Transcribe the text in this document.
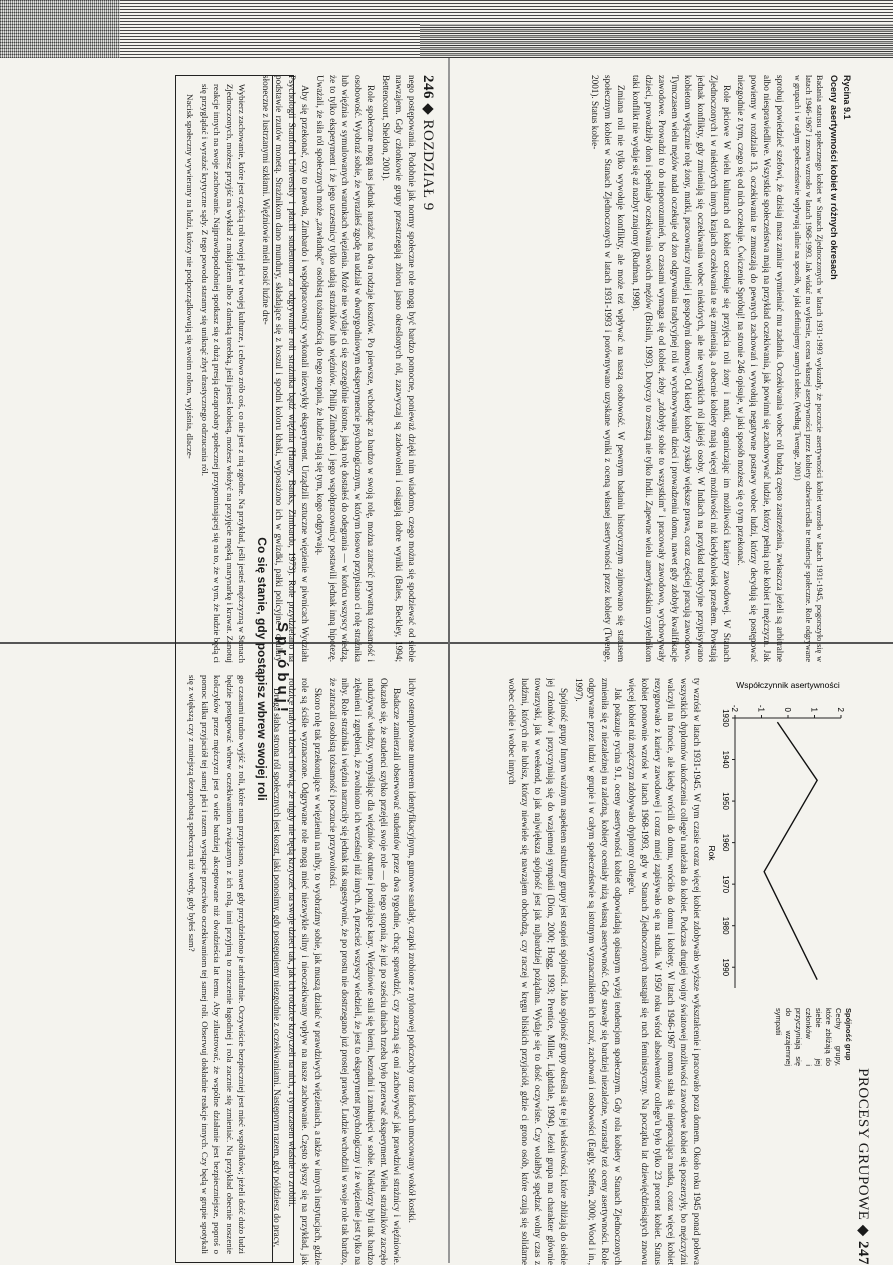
246 ◆ ROZDZIAŁ 9

nego postępowania. Podobnie jak normy społeczne role mogą być bardzo pomocne, ponieważ dzięki nim wiadomo, czego można się spodziewać od siebie nawzajem. Gdy członkowie grupy przestrzegają zbioru jasno określonych ról, zazwyczaj są zadowoleni i osiągają dobre wyniki (Bales, Beckley, 1994; Bettencourt, Sheldon, 2001).

Role społeczne mogą nas jednak narażać na dwa rodzaje kosztów. Po pierwsze, wchodząc za bardzo w swoją rolę, można zatracić prywatną tożsamość i osobowość. Wyobraź sobie, że wyraziłeś zgodę na udział w dwutygodniowym eksperymencie psychologicznym, w którym losowo przypisano ci rolę strażnika lub więźnia w symulowanych warunkach więzienia. Może nie wydaje ci się szczególnie istotne, jaką rolę dostałeś do odegrania — w końcu wszyscy wiedzą, że to tylko eksperyment i że jego uczestnicy tylko udają strażników lub więźniów. Philip Zimbardo i jego współpracownicy postawili jednak inną hipotezę. Uważali, że siła ról społecznych może „zawładnąć” osobistą tożsamością do tego stopnia, że ludzie stają się tym, kogo odgrywają.

Aby się przekonać, czy to prawda, Zimbardo i współpracownicy wykonali niezwykły eksperyment. Urządzili sztuczne więzienie w piwnicach Wydziału Psychologii Stanford University i płacili studentom za odgrywanie roli strażnika bądź więźnia (Haney, Banks, Zimbardo, 1973). Role przydzielano na podstawie rzutów monetą. Strażnikom dano mundury, składające się z koszul i spodni koloru khaki, wyposażono ich w gwizdki, pałki policyjne i okulary słoneczne z lustrzanymi szkłami. Więźniowie mieli nosić luźne dre-

lichy ostemplowane numerem identyfikacyjnym, gumowe sandały, czapki zrobione z nylonowej pończochy oraz łańcuch umocowany wokół kostki.

Badacze zamierzali obserwować studentów przez dwa tygodnie, chcąc sprawdzić, czy zaczną się oni zachowywać jak prawdziwi strażnicy i więźniowie. Okazało się, że studenci szybko przejęli swoje role — do tego stopnia, że już po sześciu dniach trzeba było przerwać eksperyment. Wielu strażników zaczęło nadużywać władzy, wymyślając dla więźniów okrutne i poniżające kary. Więźniowie stali się bierni, bezradni i zamknięci w sobie. Niektórzy byli tak bardzo zlęknieni i zgnębieni, że zwolniono ich wcześniej niż innych. A przecież wszyscy wiedzieli, że jest to eksperyment psychologiczny i że więzienie jest tylko na niby. Role strażnika i więźnia narzuciły się jednak tak sugestywnie, że po prostu nie dostrzegano już prostej prawdy. Ludzie wchodzili w swoje role tak bardzo, że zatracali osobistą tożsamość i poczucie przyzwoitości.

Skoro rolę tak przekonujące w więzieniu na niby, to wyobraźmy sobie, jak muszą działać w prawdziwych więzieniach, a także w innych instytucjach, gdzie role są ściśle wyznaczone. Odgrywane role mogą mieć niezwykle silny i nieoczekiwany wpływ na nasze zachowanie. Często słyszy się na przykład, jak rodzice małych dzieci mówią, że nigdy nie będą krzyczeć na swoje dzieci tak, jak ich rodzice krzyczeli na nich, a tymczasem właśnie to zrobili.

Druga słaba strona ról społecznych jest koszt, jaki ponosimy, gdy postępujemy niezgodnie z oczekiwaniami. Następnym razem, gdy pójdziesz do pracy,

Spróbuj!
Co się stanie, gdy postąpisz wbrew swojej roli

Wybierz zachowanie, które jest częścią roli twojej płci w twojej kulturze, i celowo zrób coś, co nie jest z nią zgodne. Na przykład, jeśli jesteś mężczyzną w Stanach Zjednoczonych, możesz przyjść na wykład z makijażem albo z damską torebką, jeśli jesteś kobietą, możesz włożyć na przyjęcie męską marynarkę i krawat. Zanotuj reakcje innych na swoje zachowanie. Najprawdopodobniej spotkasz się z dużą presją dezaprobaty społecznej przypominającej się na to, że w tym, że ludzie będą ci się przyglądać i wyrażać krytyczne sądy. Z tego powodu staramy się uniknąć zbyt drastycznego odrzucania ról.

Nacisk społeczny wywierany na ludzi, którzy nie podporządkowują się swoim rolom, wyjaśnia, dlacze-

go czasami trudno wyjść z roli, które nam przypisano, nawet gdy przydzielono je arbitralnie. Oczywiście bezpieczniej jest mieć wspólników; jeżeli dość dużo ludzi będzie postępować wbrew oczekiwaniom związanym z ich rolą, inni przyjmą to znaczenie łagodniej i rola zacznie się zmieniać. Na przykład obecnie noszenie kolczyków przez mężczyzn jest o wiele bardziej akceptowane niż dwadzieścia lat temu. Aby zilustrować, że wspólne działanie jest bezpieczniejsze, poproś o pomoc kilku przyjaciół tej samej płci i razem wystąpcie przeciwko oczekiwaniom tej samej roli. Obserwuj dokładnie reakcje innych. Czy będą w grupie spotykali się z większą czy z mniejszą dezaprobatą społeczną niż wtedy, gdy byłeś sam?

PROCESY GRUPOWE ◆ 247
Rycina 9.1
Oceny asertywności kobiet w różnych okresach
Badania statusu społecznego kobiet w Stanach Zjednoczonych w latach 1931-1993 wykazały, że poczucie asertywności kobiet wzrosło w latach 1931-1945, pogorszyło się w latach 1946-1967 i znowu wzrosło w latach 1968-1993. Jak widać na wykresie, ocena własnej asertywności przez kobiety odzwierciedla te tendencje społeczne. Role odgrywane w grupach i w całym społeczeństwie wpływają silnie na sposób, w jaki definiujemy samych siebie. (Według Twenge, 2001)

sprobuj powiedzieć szefowi, że dzisiaj masz zamiar wymieniać mu zadania. Oczekiwania wobec ról budzą często zastrzeżenia, zwłaszcza jeżeli są arbitralne albo niesprawiedliwe. Wszystkie społeczeństwa mają na przykład oczekiwania, jak powinni się zachowywać ludzie, którzy pełnią role kobiet i mężczyzn. Jak powiemy w rozdziale 13, oczekiwania te zmuszają do pewnych zachowań i wywołują negatywne postawy wobec ludzi, którzy decydują się postępować niezgodnie z tym, czego się od nich oczekuje. Ćwiczenie Spróbuj! na stronie 246 opisuje, w jaki sposób możesz się o tym przekonać.

Role płciowe W wielu kulturach od kobiet oczekuje się przyjęcia roli żony i matki, ograniczając im możliwości kariery zawodowej. W Stanach Zjednoczonych i w niektórych innych krajach oczekiwania te się zmieniają, a obecnie kobiety mają więcej możliwości niż kiedykolwiek przedtem. Powstają jednak konflikty, gdy zmieniają się oczekiwania wobec niektórych, ale nie wszystkich ról jakiejś osoby. W Indiach na przykład tradycyjne przypisywano kobietom wyłącznie rolę żony, matki, pracowniczy rolniej i gospodyni domowej. Od kiedy kobiety zyskały większe prawa, coraz częściej pracują zawodowo. Tymczasem wielu mężów nadal oczekuje od żon odgrywania tradycyjnej roli w wychowywaniu dzieci i prowadzeniu domu, nawet gdy zdobyły kwalifikacje zawodowe. Prowadzi to do nieporozumień, bo czasami wymaga się od kobiet, żeby „zdobyły sobie to wszystkim” i pracowały zawodowo, wychowywały dzieci, prowadziły dom i spełniały oczekiwania swoich mężów (Brislin, 1993). Dotyczy to zresztą nie tylko Indii. Zapewne wielu amerykańskim czytelnikom taki konflikt nie wydaje się aż nazbyt znajomy (Rudman, 1998).

Zmiana roli nie tylko wywołuje konflikty, ale może też wpływać na naszą osobowość. W pewnym badaniu historycznym zajmowano się statusem społecznym kobiet w Stanach Zjednoczonych w latach 1931-1993 i porównywano uzyskane wyniki z oceną własnej asertywności przez kobiety (Twenge, 2001). Status kobie-

-2 -1 0 1 2
1930
1940
1950
1960
1970
1980
1990
Rok
Współczynnik asertywności
Spójność grup
Cechy grupy, które zbliżają do siebie jej członków i przyczyniają się do wzajemnej sympatii

ty wzrósł w latach 1931-1945. W tym czasie coraz więcej kobiet zdobywało wyższe wykształcenie i pracowało poza domem. Około roku 1945 ponad połowa wszystkich dyplomów ukończenia college'u należała do kobiet. Podczas drugiej wojny światowej możliwości zawodowe kobiet się poszerzyły, bo mężczyźni walczyli na froncie, ale kiedy wrócili do domu, wróciło do domu i kobiety. W latach 1946-1967 norma stała się niepracująca matka, coraz więcej kobiet rezygnowało z kariery zawodowej i coraz mniej zapisywało się na studia. W 1950 roku wśród absolwentów college'u było tylko 23 procent kobiet. Status kobiet ponownie wzrósł w latach 1968-1993, gdy w Stanach Zjednoczonych nastąpił się ruch feministyczny. Na początku lat dziewięćdziesiątych znowu więcej kobiet niż mężczyzn zdobywało dyplomy college'u.

Jak pokazuje rycina 9.1, oceny asertywności kobiet odpowiadają opisanym wyżej tendencjom społecznym. Gdy rola kobiety w Stanach Zjednoczonych zmieniła się z niezależnej na zależną, kobiety oceniały niżą własną asertywność. Gdy stawały się bardziej niezależne, wzrastały też oceny asertywności. Role odgrywane przez ludzi w grupie i w całym społeczeństwie są istotnym wyznacznikiem ich uczuć, zachowań i osobowości (Eagly, Steffen, 2000; Wood i in., 1997).

Spójność grupy Innym ważnym aspektem struktury grupy jest stopień spójności. Jako spójność grupy określa się te jej właściwości, które zbliżają do siebie jej członków i przyczyniają się do wzajemnej sympatii (Dion, 2000; Hogg, 1993; Prentice, Miller, Lightdale, 1994). Jeżeli grupa ma charakter głównie towarzyski, jak w weekend, to jak największa spójność jest jak najbardziej pożądana. Wydaje się to dość oczywiste. Czy wolałbyś spędzać wolny czas z ludźmi, których nie lubisz, którzy niewiele się nawzajem obchodzą, czy raczej w kręgu bliskich przyjaciół, gdzie ci grono osób, które czują się solidarne wobec ciebie i wobec innych
